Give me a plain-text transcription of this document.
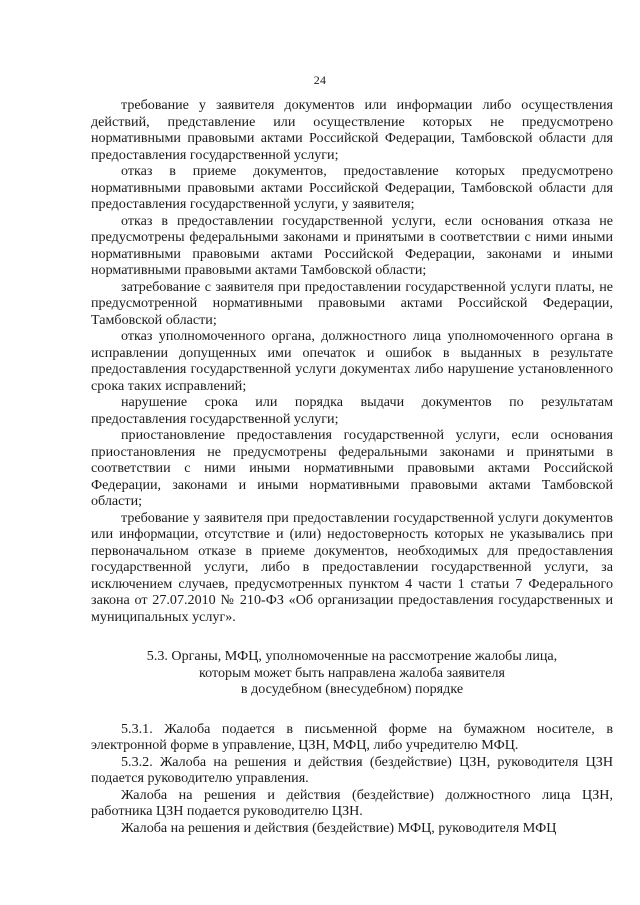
24

требование у заявителя документов или информации либо осуществления действий, представление или осуществление которых не предусмотрено нормативными правовыми актами Российской Федерации, Тамбовской области для предоставления государственной услуги;

отказ в приеме документов, предоставление которых предусмотрено нормативными правовыми актами Российской Федерации, Тамбовской области для предоставления государственной услуги, у заявителя;

отказ в предоставлении государственной услуги, если основания отказа не предусмотрены федеральными законами и принятыми в соответствии с ними иными нормативными правовыми актами Российской Федерации, законами и иными нормативными правовыми актами Тамбовской области;

затребование с заявителя при предоставлении государственной услуги платы, не предусмотренной нормативными правовыми актами Российской Федерации, Тамбовской области;

отказ уполномоченного органа, должностного лица уполномоченного органа в исправлении допущенных ими опечаток и ошибок в выданных в результате предоставления государственной услуги документах либо нарушение установленного срока таких исправлений;

нарушение срока или порядка выдачи документов по результатам предоставления государственной услуги;

приостановление предоставления государственной услуги, если основания приостановления не предусмотрены федеральными законами и принятыми в соответствии с ними иными нормативными правовыми актами Российской Федерации, законами и иными нормативными правовыми актами Тамбовской области;

требование у заявителя при предоставлении государственной услуги документов или информации, отсутствие и (или) недостоверность которых не указывались при первоначальном отказе в приеме документов, необходимых для предоставления государственной услуги, либо в предоставлении государственной услуги, за исключением случаев, предусмотренных пунктом 4 части 1 статьи 7 Федерального закона от 27.07.2010 № 210-ФЗ «Об организации предоставления государственных и муниципальных услуг».

5.3. Органы, МФЦ, уполномоченные на рассмотрение жалобы лица,
которым может быть направлена жалоба заявителя
в досудебном (внесудебном) порядке

5.3.1. Жалоба подается в письменной форме на бумажном носителе, в электронной форме в управление, ЦЗН, МФЦ, либо учредителю МФЦ.

5.3.2. Жалоба на решения и действия (бездействие) ЦЗН, руководителя ЦЗН подается руководителю управления.

Жалоба на решения и действия (бездействие) должностного лица ЦЗН, работника ЦЗН подается руководителю ЦЗН.

Жалоба на решения и действия (бездействие) МФЦ, руководителя МФЦ
